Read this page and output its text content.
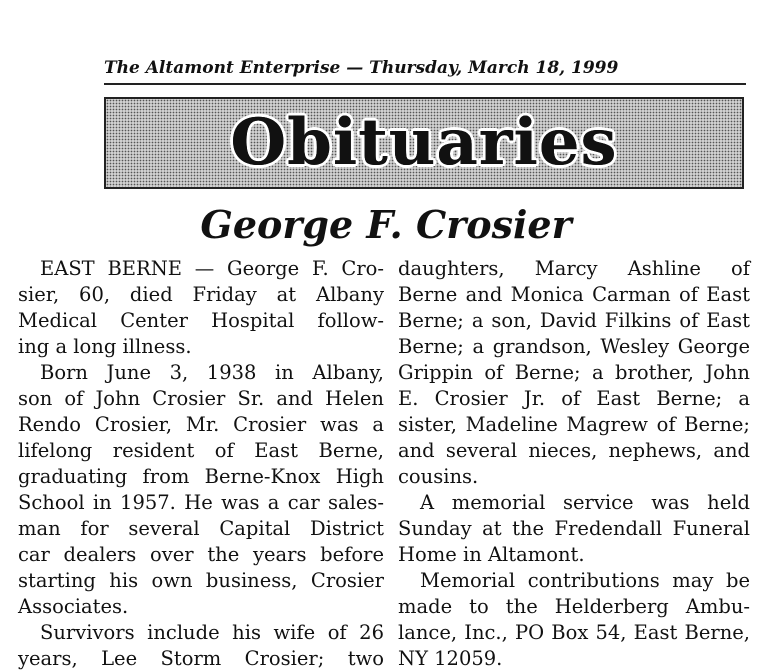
The Altamont Enterprise — Thursday, March 18, 1999
Obituaries
George F. Crosier
EAST BERNE — George F. Cro-
sier, 60, died Friday at Albany
Medical Center Hospital follow-
ing a long illness.
Born June 3, 1938 in Albany,
son of John Crosier Sr. and Helen
Rendo Crosier, Mr. Crosier was a
lifelong resident of East Berne,
graduating from Berne-Knox High
School in 1957. He was a car sales-
man for several Capital District
car dealers over the years before
starting his own business, Crosier
Associates.
Survivors include his wife of 26
years, Lee Storm Crosier; two
daughters, Marcy Ashline of
Berne and Monica Carman of East
Berne; a son, David Filkins of East
Berne; a grandson, Wesley George
Grippin of Berne; a brother, John
E. Crosier Jr. of East Berne; a
sister, Madeline Magrew of Berne;
and several nieces, nephews, and
cousins.
A memorial service was held
Sunday at the Fredendall Funeral
Home in Altamont.
Memorial contributions may be
made to the Helderberg Ambu-
lance, Inc., PO Box 54, East Berne,
NY 12059.
